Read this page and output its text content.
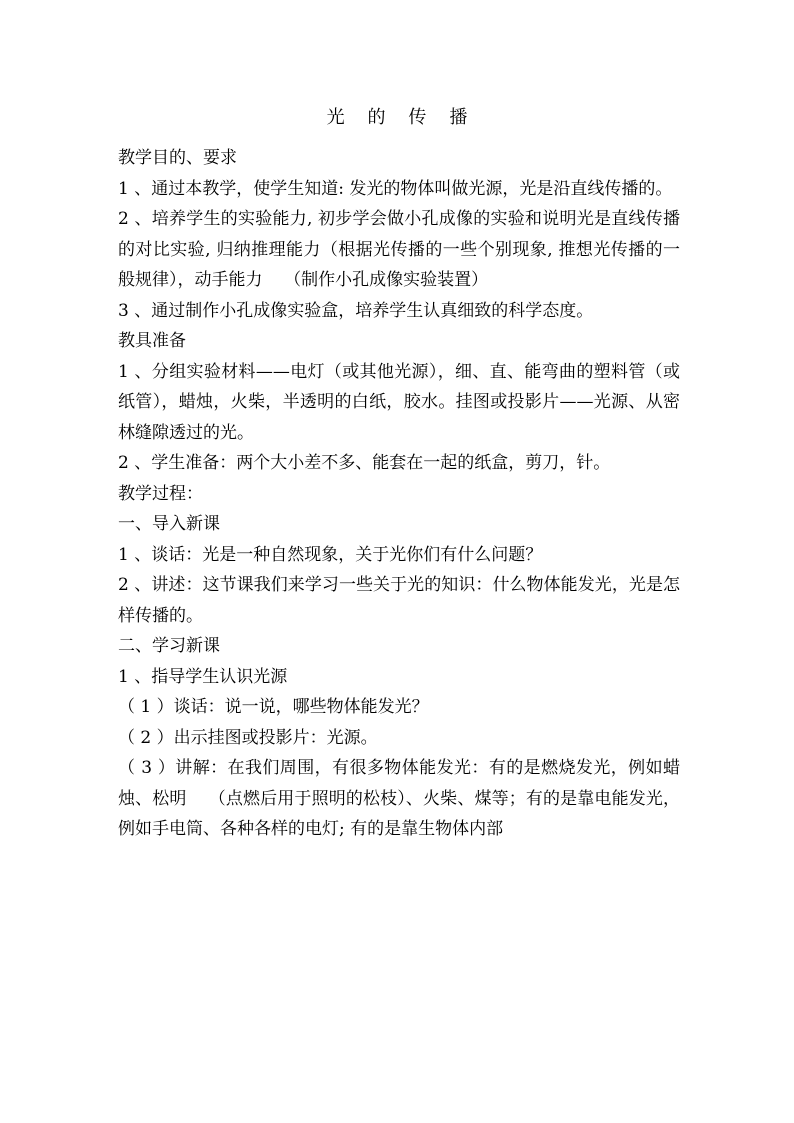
光    的    传    播

教学目的、要求

1 、通过本教学，使学生知道: 发光的物体叫做光源，光是沿直线传播的。

2 、培养学生的实验能力, 初步学会做小孔成像的实验和说明光是直线传播的对比实验, 归纳推理能力（根据光传播的一些个别现象, 推想光传播的一般规律），动手能力    （制作小孔成像实验装置）

3 、通过制作小孔成像实验盒，培养学生认真细致的科学态度。

教具准备

1 、分组实验材料——电灯（或其他光源），细、直、能弯曲的塑料管（或纸管），蜡烛，火柴，半透明的白纸，胶水。挂图或投影片——光源、从密林缝隙透过的光。

2 、学生准备：两个大小差不多、能套在一起的纸盒，剪刀，针。

教学过程：

一、导入新课

1 、谈话：光是一种自然现象，关于光你们有什么问题？

2 、讲述：这节课我们来学习一些关于光的知识：什么物体能发光，光是怎样传播的。

二、学习新课

1 、指导学生认识光源

（ 1 ）谈话：说一说，哪些物体能发光？

（ 2 ）出示挂图或投影片：光源。

（ 3 ）讲解：在我们周围，有很多物体能发光：有的是燃烧发光，例如蜡烛、松明    （点燃后用于照明的松枝）、火柴、煤等；有的是靠电能发光，例如手电筒、各种各样的电灯; 有的是靠生物体内部
